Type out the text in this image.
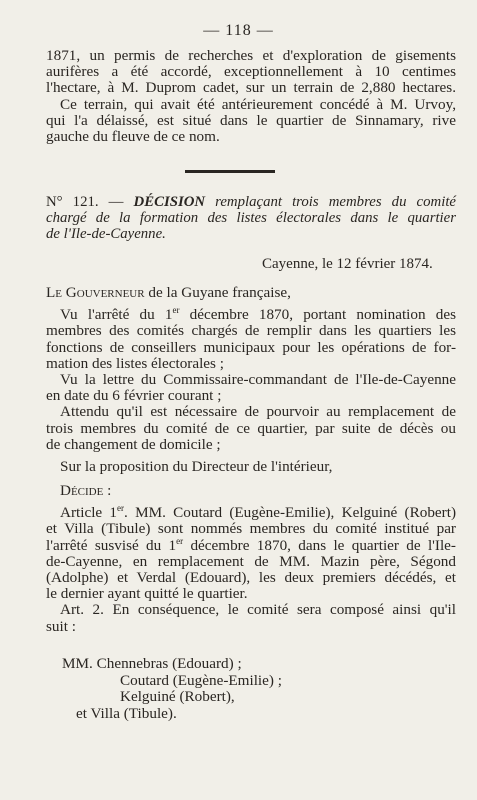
— 118 —
1871, un permis de recherches et d'exploration de gisements
aurifères a été accordé, exceptionnellement à 10 centimes
l'hectare, à M. Duprom cadet, sur un terrain de 2,880 hectares.
Ce terrain, qui avait été antérieurement concédé à M. Urvoy,
qui l'a délaissé, est situé dans le quartier de Sinnamary, rive
gauche du fleuve de ce nom.
N° 121. — DÉCISION remplaçant trois membres du comité
chargé de la formation des listes électorales dans le quartier
de l'Ile-de-Cayenne.
Cayenne, le 12 février 1874.
Le Gouverneur de la Guyane française,
Vu l'arrêté du 1er décembre 1870, portant nomination des
membres des comités chargés de remplir dans les quartiers les
fonctions de conseillers municipaux pour les opérations de for-
mation des listes électorales ;
Vu la lettre du Commissaire-commandant de l'Ile-de-Cayenne
en date du 6 février courant ;
Attendu qu'il est nécessaire de pourvoir au remplacement de
trois membres du comité de ce quartier, par suite de décès ou
de changement de domicile ;
Sur la proposition du Directeur de l'intérieur,
Décide :
Article 1er. MM. Coutard (Eugène-Emilie), Kelguiné (Robert)
et Villa (Tibule) sont nommés membres du comité institué par
l'arrêté susvisé du 1er décembre 1870, dans le quartier de l'Ile-
de-Cayenne, en remplacement de MM. Mazin père, Ségond
(Adolphe) et Verdal (Edouard), les deux premiers décédés, et
le dernier ayant quitté le quartier.
Art. 2. En conséquence, le comité sera composé ainsi qu'il
suit :
MM. Chennebras (Edouard) ;
Coutard (Eugène-Emilie) ;
Kelguiné (Robert),
et Villa (Tibule).
